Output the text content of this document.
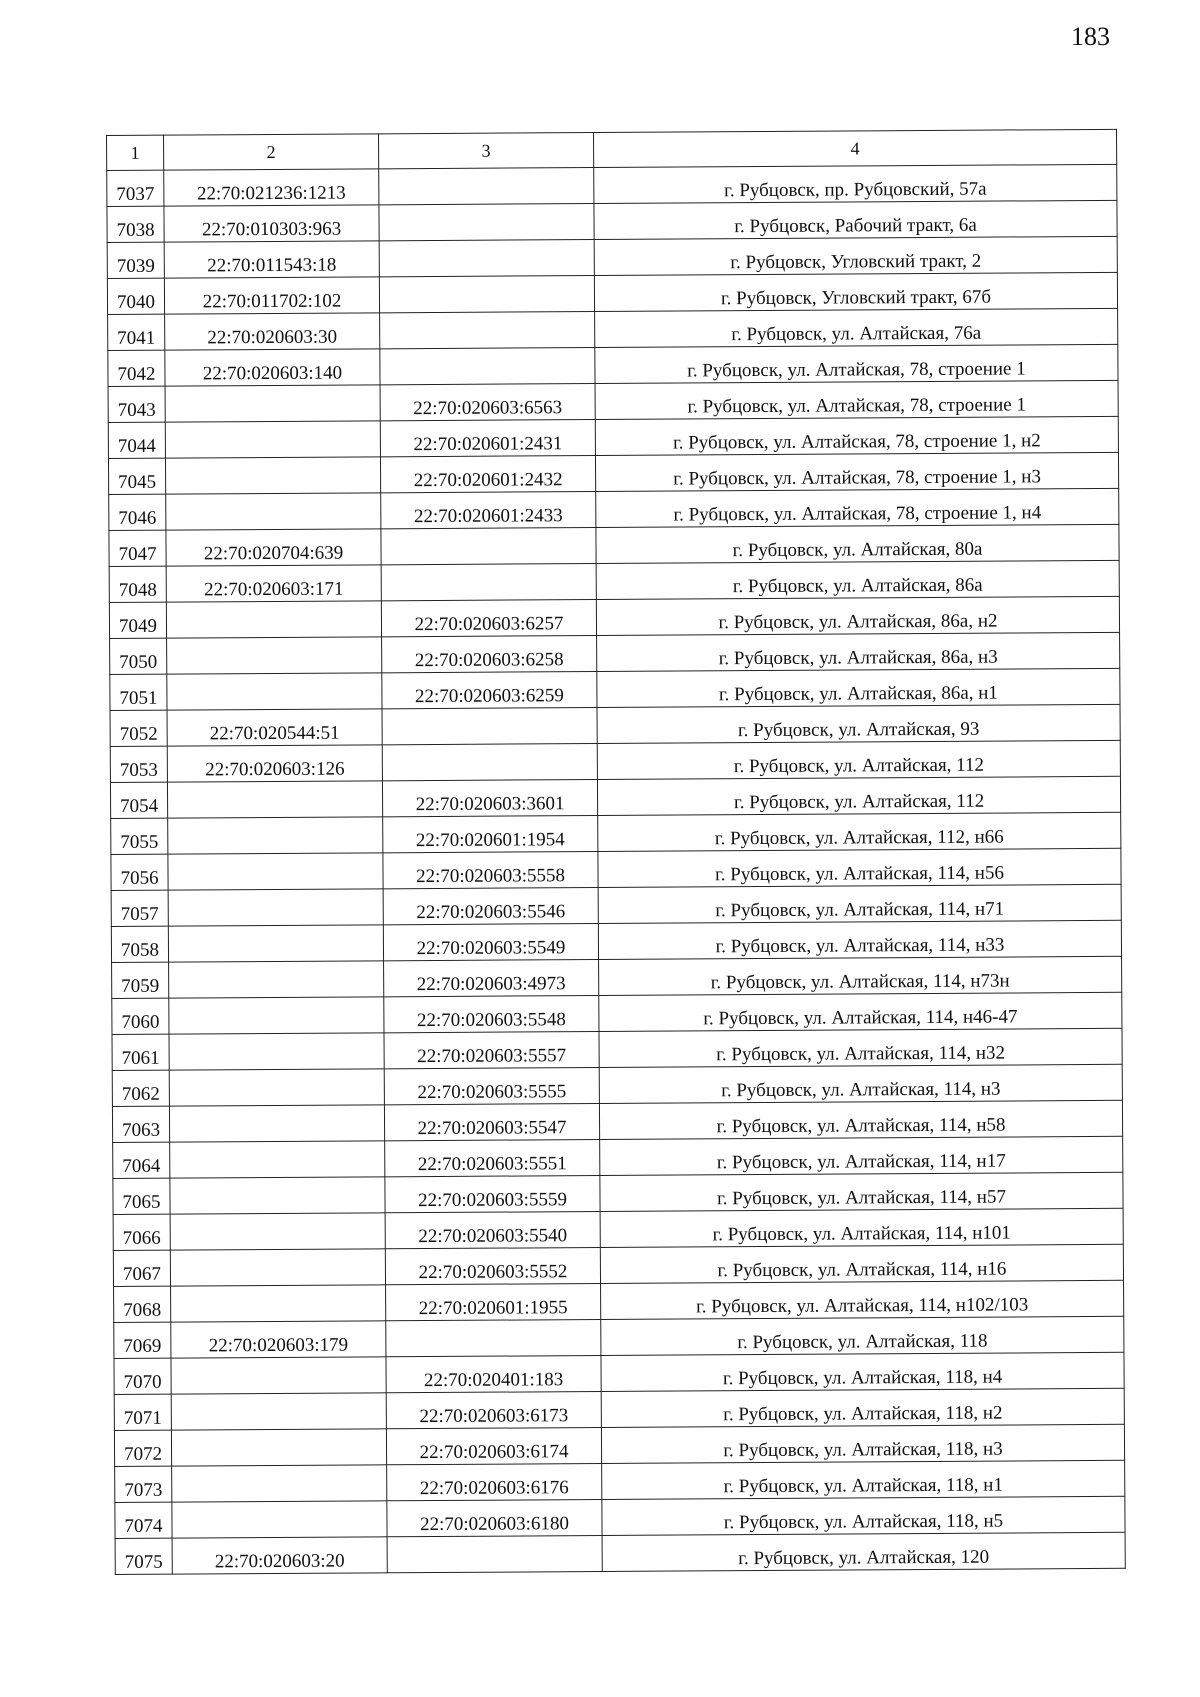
183
1	2	3	4
7037	22:70:021236:1213		г. Рубцовск, пр. Рубцовский, 57а
7038	22:70:010303:963		г. Рубцовск, Рабочий тракт, 6а
7039	22:70:011543:18		г. Рубцовск, Угловский тракт, 2
7040	22:70:011702:102		г. Рубцовск, Угловский тракт, 67б
7041	22:70:020603:30		г. Рубцовск, ул. Алтайская, 76а
7042	22:70:020603:140		г. Рубцовск, ул. Алтайская, 78, строение 1
7043		22:70:020603:6563	г. Рубцовск, ул. Алтайская, 78, строение 1
7044		22:70:020601:2431	г. Рубцовск, ул. Алтайская, 78, строение 1, н2
7045		22:70:020601:2432	г. Рубцовск, ул. Алтайская, 78, строение 1, н3
7046		22:70:020601:2433	г. Рубцовск, ул. Алтайская, 78, строение 1, н4
7047	22:70:020704:639		г. Рубцовск, ул. Алтайская, 80а
7048	22:70:020603:171		г. Рубцовск, ул. Алтайская, 86а
7049		22:70:020603:6257	г. Рубцовск, ул. Алтайская, 86а, н2
7050		22:70:020603:6258	г. Рубцовск, ул. Алтайская, 86а, н3
7051		22:70:020603:6259	г. Рубцовск, ул. Алтайская, 86а, н1
7052	22:70:020544:51		г. Рубцовск, ул. Алтайская, 93
7053	22:70:020603:126		г. Рубцовск, ул. Алтайская, 112
7054		22:70:020603:3601	г. Рубцовск, ул. Алтайская, 112
7055		22:70:020601:1954	г. Рубцовск, ул. Алтайская, 112, н66
7056		22:70:020603:5558	г. Рубцовск, ул. Алтайская, 114, н56
7057		22:70:020603:5546	г. Рубцовск, ул. Алтайская, 114, н71
7058		22:70:020603:5549	г. Рубцовск, ул. Алтайская, 114, н33
7059		22:70:020603:4973	г. Рубцовск, ул. Алтайская, 114, н73н
7060		22:70:020603:5548	г. Рубцовск, ул. Алтайская, 114, н46-47
7061		22:70:020603:5557	г. Рубцовск, ул. Алтайская, 114, н32
7062		22:70:020603:5555	г. Рубцовск, ул. Алтайская, 114, н3
7063		22:70:020603:5547	г. Рубцовск, ул. Алтайская, 114, н58
7064		22:70:020603:5551	г. Рубцовск, ул. Алтайская, 114, н17
7065		22:70:020603:5559	г. Рубцовск, ул. Алтайская, 114, н57
7066		22:70:020603:5540	г. Рубцовск, ул. Алтайская, 114, н101
7067		22:70:020603:5552	г. Рубцовск, ул. Алтайская, 114, н16
7068		22:70:020601:1955	г. Рубцовск, ул. Алтайская, 114, н102/103
7069	22:70:020603:179		г. Рубцовск, ул. Алтайская, 118
7070		22:70:020401:183	г. Рубцовск, ул. Алтайская, 118, н4
7071		22:70:020603:6173	г. Рубцовск, ул. Алтайская, 118, н2
7072		22:70:020603:6174	г. Рубцовск, ул. Алтайская, 118, н3
7073		22:70:020603:6176	г. Рубцовск, ул. Алтайская, 118, н1
7074		22:70:020603:6180	г. Рубцовск, ул. Алтайская, 118, н5
7075	22:70:020603:20		г. Рубцовск, ул. Алтайская, 120
